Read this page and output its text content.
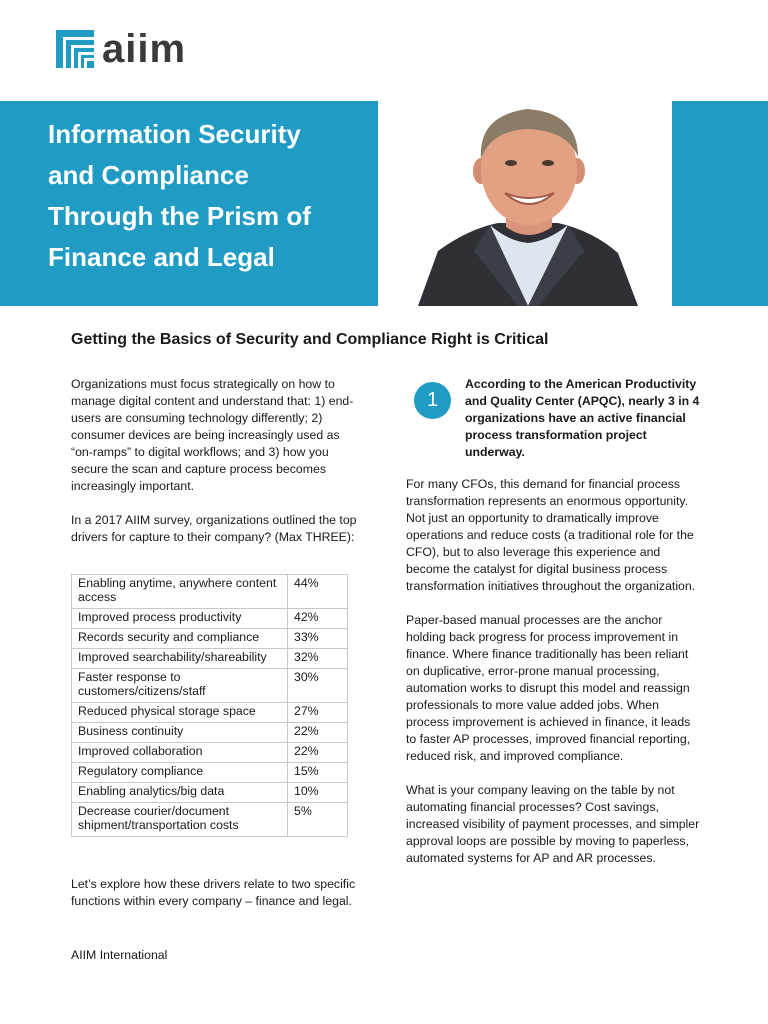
aiim
Information Security
and Compliance
Through the Prism of
Finance and Legal
Getting the Basics of Security and Compliance Right is Critical

Organizations must focus strategically on how to manage digital content and understand that: 1) end-users are consuming technology differently; 2) consumer devices are being increasingly used as “on-ramps” to digital workflows; and 3) how you secure the scan and capture process becomes increasingly important.

In a 2017 AIIM survey, organizations outlined the top drivers for capture to their company? (Max THREE):

Enabling anytime, anywhere content access	44%
Improved process productivity	42%
Records security and compliance	33%
Improved searchability/shareability	32%
Faster response to customers/citizens/staff	30%
Reduced physical storage space	27%
Business continuity	22%
Improved collaboration	22%
Regulatory compliance	15%
Enabling analytics/big data	10%
Decrease courier/document shipment/transportation costs	5%
Let’s explore how these drivers relate to two specific functions within every company – finance and legal.
AIIM International
1
According to the American Productivity and Quality Center (APQC), nearly 3 in 4 organizations have an active financial process transformation project underway.

For many CFOs, this demand for financial process transformation represents an enormous opportunity. Not just an opportunity to dramatically improve operations and reduce costs (a traditional role for the CFO), but to also leverage this experience and become the catalyst for digital business process transformation initiatives throughout the organization.

Paper-based manual processes are the anchor holding back progress for process improvement in finance. Where finance traditionally has been reliant on duplicative, error-prone manual processing, automation works to disrupt this model and reassign professionals to more value added jobs. When process improvement is achieved in finance, it leads to faster AP processes, improved financial reporting, reduced risk, and improved compliance.

What is your company leaving on the table by not automating financial processes? Cost savings, increased visibility of payment processes, and simpler approval loops are possible by moving to paperless, automated systems for AP and AR processes.
